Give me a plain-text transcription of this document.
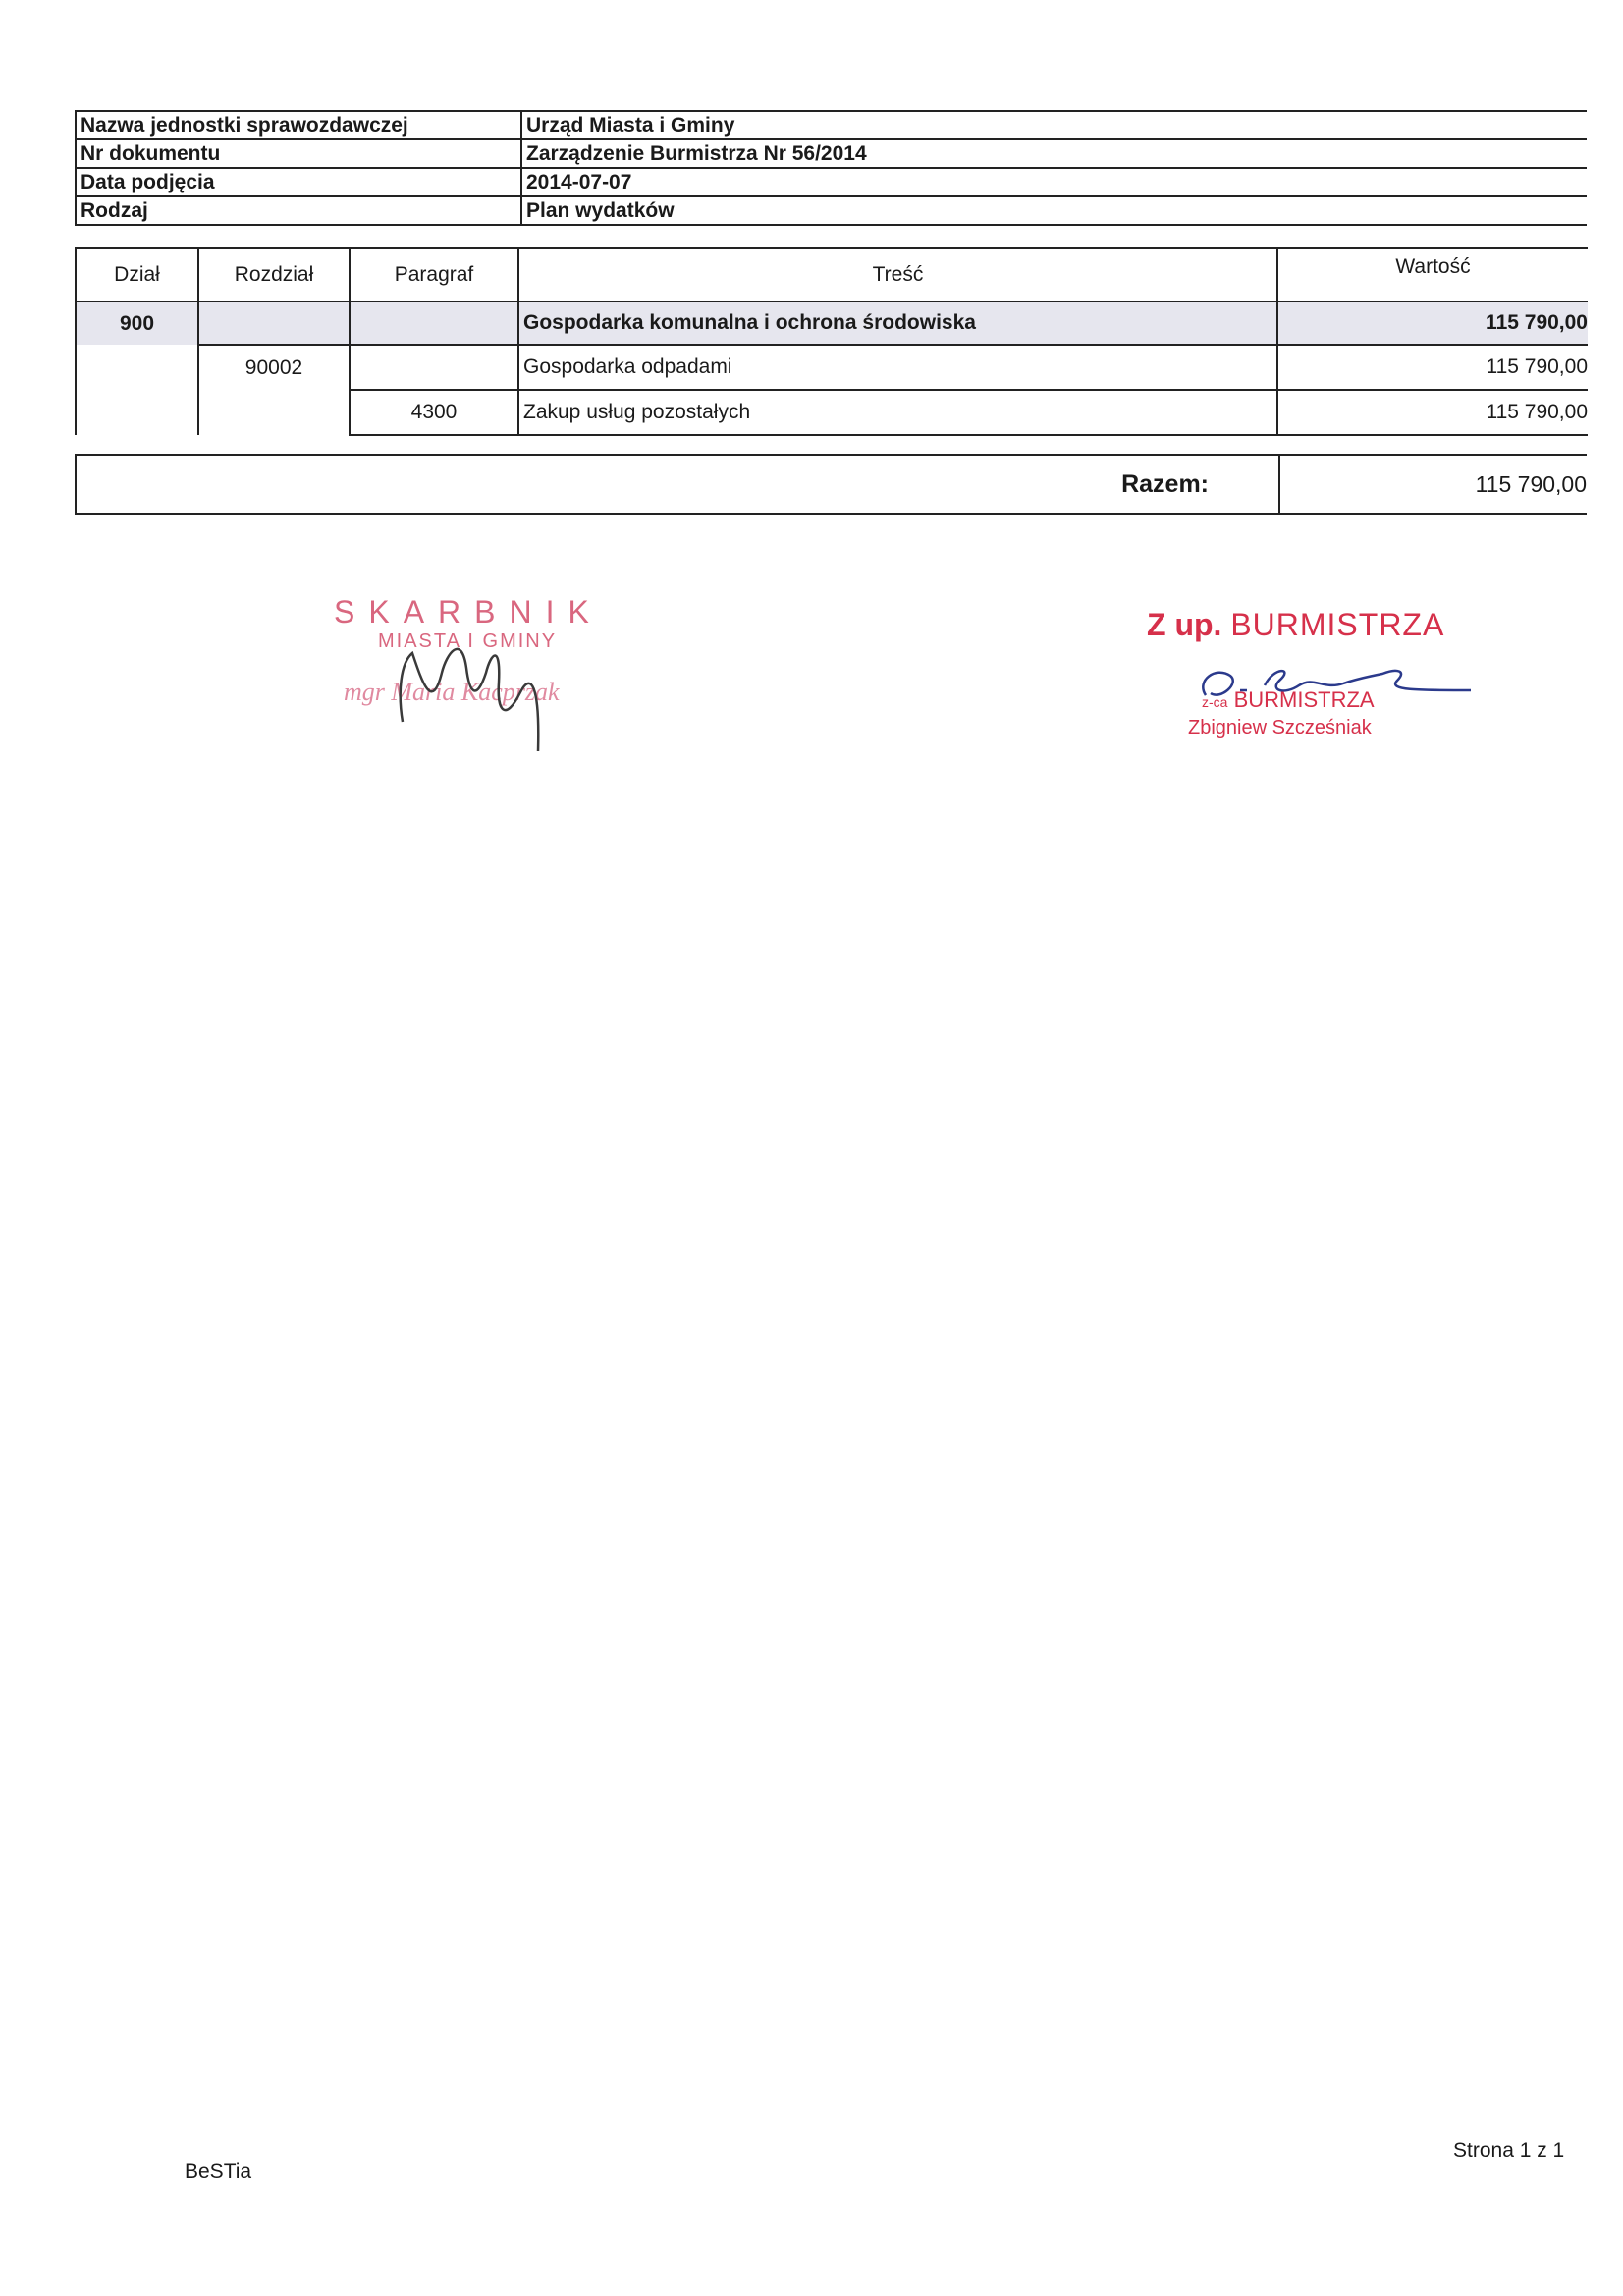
Nazwa jednostki sprawozdawczej	Urząd Miasta i Gminy
Nr dokumentu	Zarządzenie Burmistrza Nr 56/2014
Data podjęcia	2014-07-07
Rodzaj	Plan wydatków
Dział	Rozdział	Paragraf	Treść	Wartość
900			Gospodarka komunalna i ochrona środowiska	115 790,00
	90002		Gospodarka odpadami	115 790,00
		4300	Zakup usług pozostałych	115 790,00
Razem:	115 790,00
SKARBNIK
MIASTA I GMINY
mgr Maria Kacprzak
Z up. BURMISTRZA
z-ca BURMISTRZA
Zbigniew Szcześniak
BeSTia
Strona 1 z 1
